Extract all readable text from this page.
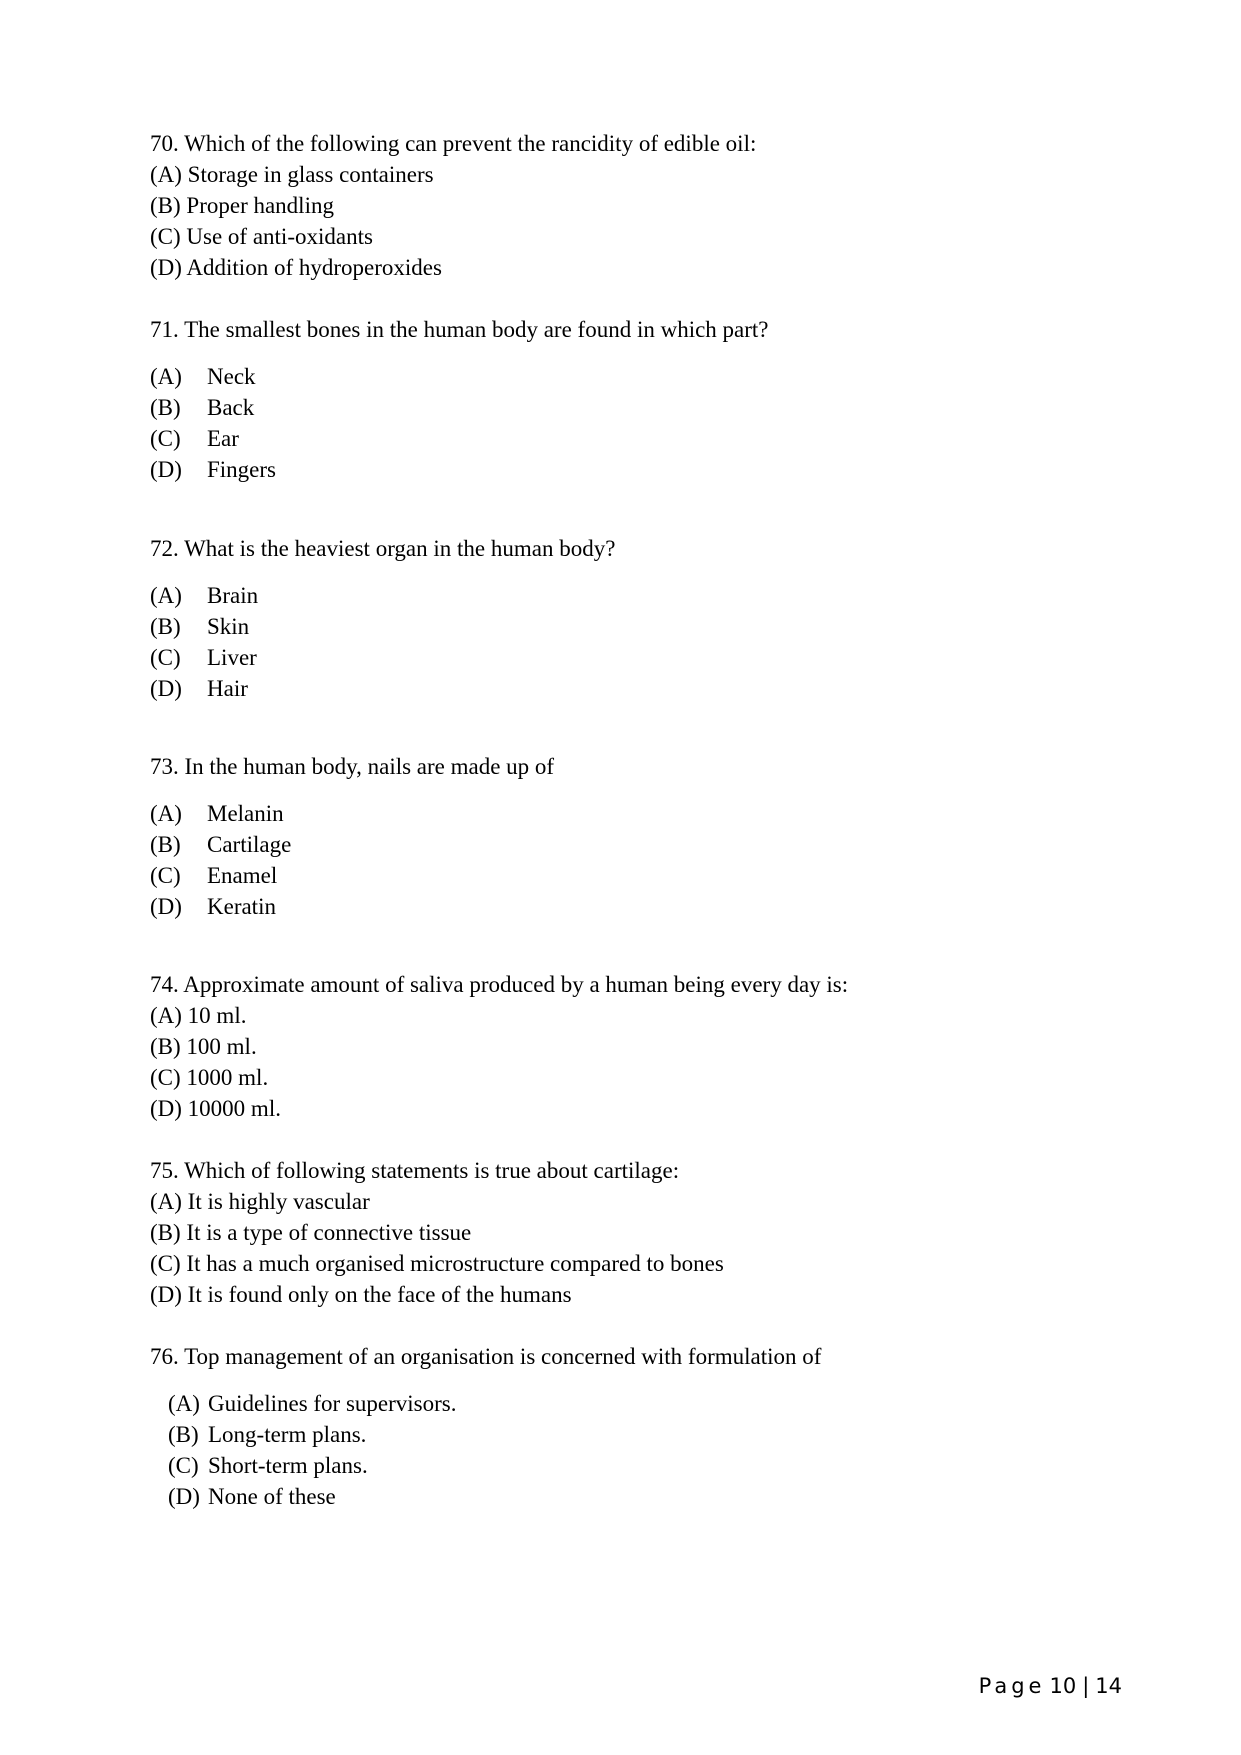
70. Which of the following can prevent the rancidity of edible oil:
(A) Storage in glass containers
(B) Proper handling
(C) Use of anti-oxidants
(D) Addition of hydroperoxides
71. The smallest bones in the human body are found in which part?
(A) Neck
(B) Back
(C) Ear
(D) Fingers
72. What is the heaviest organ in the human body?
(A) Brain
(B) Skin
(C) Liver
(D) Hair
73. In the human body, nails are made up of
(A) Melanin
(B) Cartilage
(C) Enamel
(D) Keratin
74. Approximate amount of saliva produced by a human being every day is:
(A) 10 ml.
(B) 100 ml.
(C) 1000 ml.
(D) 10000 ml.
75. Which of following statements is true about cartilage:
(A) It is highly vascular
(B) It is a type of connective tissue
(C) It has a much organised microstructure compared to bones
(D) It is found only on the face of the humans
76. Top management of an organisation is concerned with formulation of
(A) Guidelines for supervisors.
(B) Long-term plans.
(C) Short-term plans.
(D) None of these
Page 10 | 14
